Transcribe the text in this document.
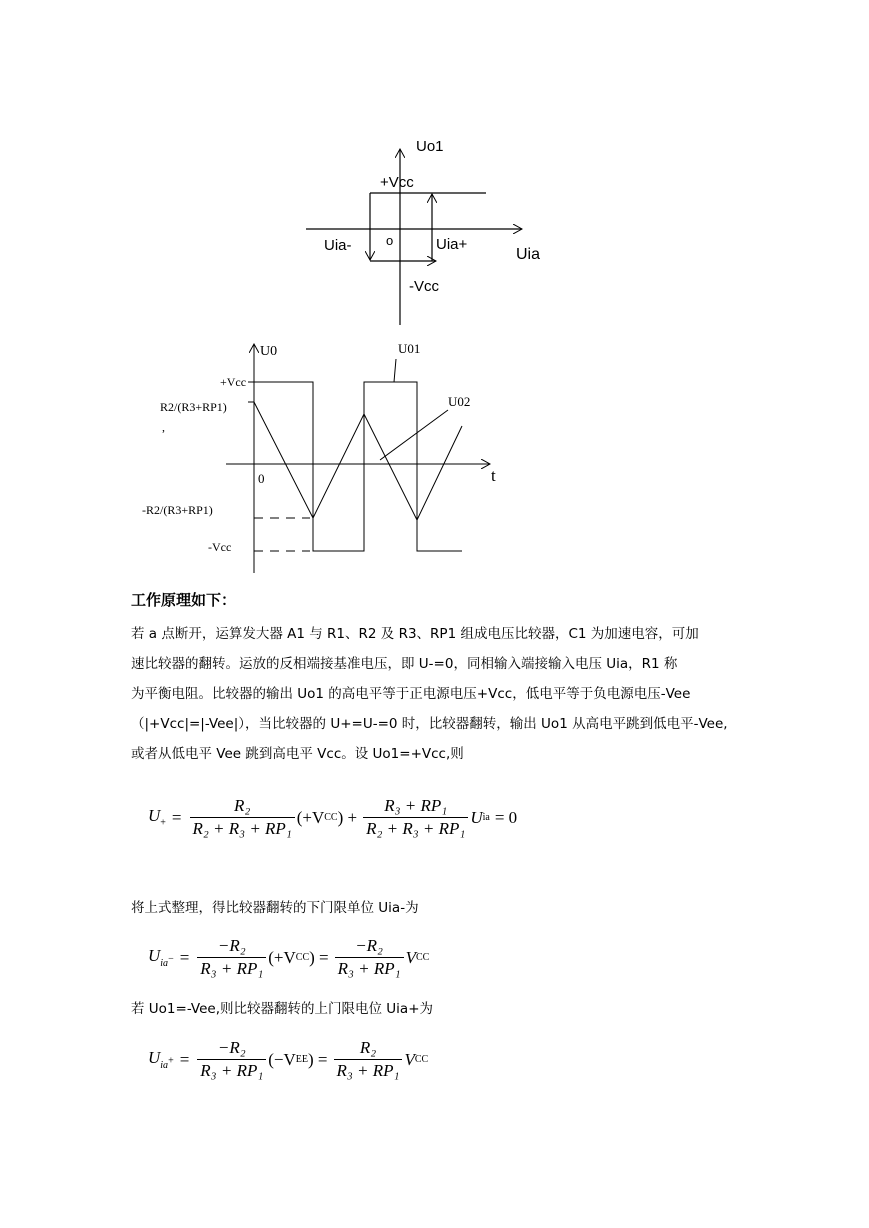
Uo1
+Vcc
Uia-	o	Uia+
Uia
-Vcc
U0	U01
U02
+Vcc
R2/(R3+RP1)
,
0	t
-R2/(R3+RP1)
-Vcc
工作原理如下：
若 a 点断开，运算发大器 A1 与 R1、R2 及 R3、RP1 组成电压比较器，C1 为加速电容，可加
速比较器的翻转。运放的反相端接基准电压，即 U-=0，同相输入端接输入电压 Uia，R1 称
为平衡电阻。比较器的输出 Uo1 的高电平等于正电源电压+Vcc，低电平等于负电源电压-Vee
（|+Vcc|=|-Vee|），当比较器的 U+=U-=0 时，比较器翻转，输出 Uo1 从高电平跳到低电平-Vee,
或者从低电平 Vee 跳到高电平 Vcc。设 Uo1=+Vcc,则
$U_+ = \frac{\text{R₂}}{\text{R₂ + R₃ + RP₁}} (+V$ CC ) + $\frac{\text{R₃ + RP₁}}{\text{R₂ + R₃ + RP₁}}$ U ia = 0
将上式整理，得比较器翻转的下门限单位 Uia-为
$U_{ia^-} = \frac{\text{−R₂}}{\text{R₃ + RP₁}} (+V$ CC ) = $\frac{\text{−R₂}}{\text{R₃ + RP₁}}$ V CC
若 Uo1=-Vee,则比较器翻转的上门限电位 Uia+为
$U_{ia^+} = \frac{\text{−R₂}}{\text{R₃ + RP₁}} (-V$ EE ) = $\frac{\text{R₂}}{\text{R₃ + RP₁}}$ V CC
